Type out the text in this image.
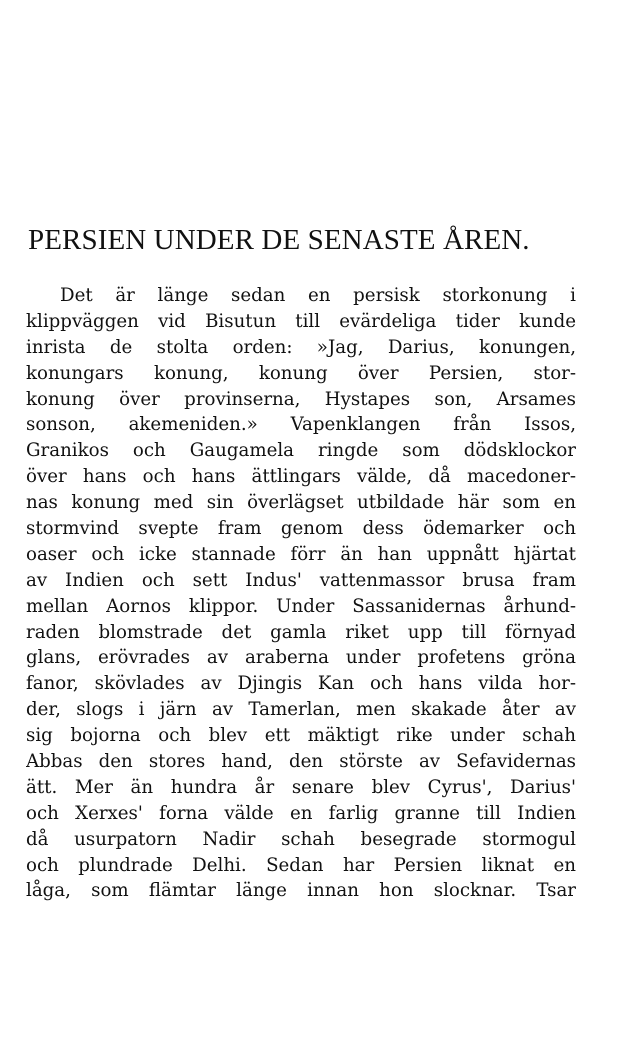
PERSIEN UNDER DE SENASTE ÅREN.
Det är länge sedan en persisk storkonung i
klippväggen vid Bisutun till evärdeliga tider kunde
inrista de stolta orden: »Jag, Darius, konungen,
konungars konung, konung över Persien, stor-
konung över provinserna, Hystapes son, Arsames
sonson, akemeniden.» Vapenklangen från Issos,
Granikos och Gaugamela ringde som dödsklockor
över hans och hans ättlingars välde, då macedoner-
nas konung med sin överlägset utbildade här som en
stormvind svepte fram genom dess ödemarker och
oaser och icke stannade förr än han uppnått hjärtat
av Indien och sett Indus' vattenmassor brusa fram
mellan Aornos klippor. Under Sassanidernas århund-
raden blomstrade det gamla riket upp till förnyad
glans, erövrades av araberna under profetens gröna
fanor, skövlades av Djingis Kan och hans vilda hor-
der, slogs i järn av Tamerlan, men skakade åter av
sig bojorna och blev ett mäktigt rike under schah
Abbas den stores hand, den störste av Sefavidernas
ätt. Mer än hundra år senare blev Cyrus', Darius'
och Xerxes' forna välde en farlig granne till Indien
då usurpatorn Nadir schah besegrade stormogul
och plundrade Delhi. Sedan har Persien liknat en
låga, som flämtar länge innan hon slocknar. Tsar
